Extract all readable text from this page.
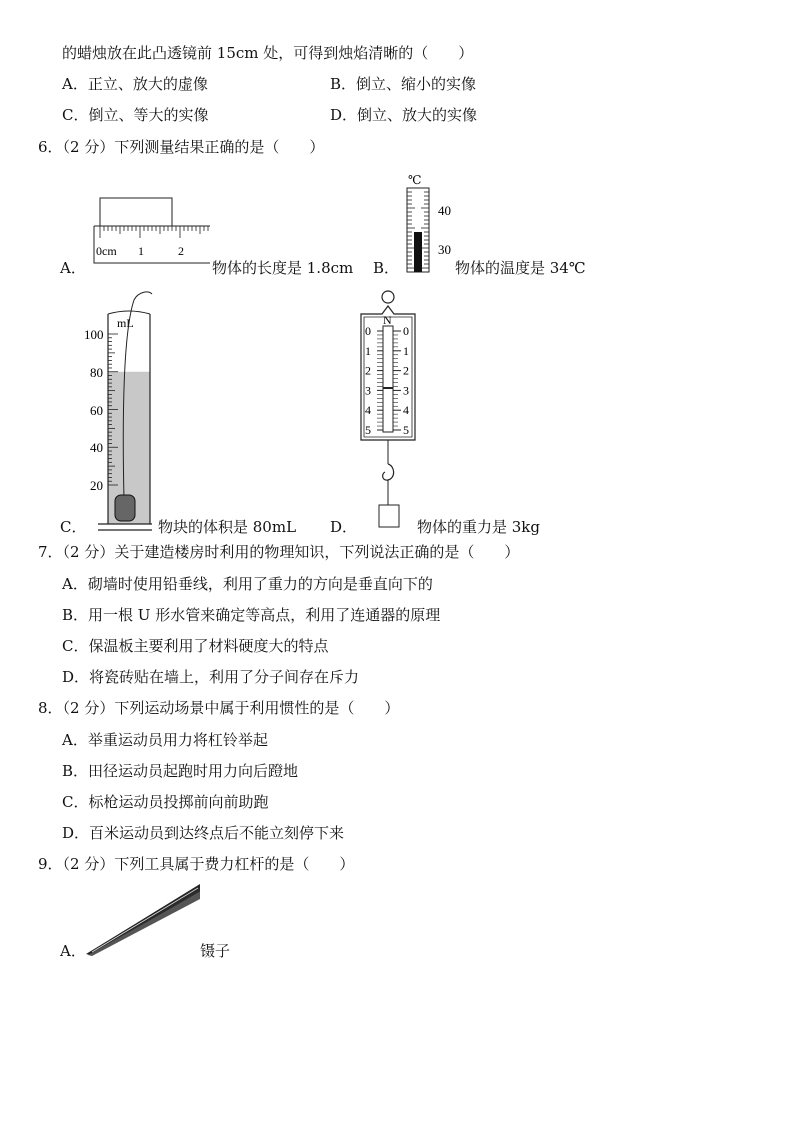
的蜡烛放在此凸透镜前 15cm 处，可得到烛焰清晰的（　　）
A．正立、放大的虚像	B．倒立、缩小的实像
C．倒立、等大的实像	D．倒立、放大的实像
6．（2 分）下列测量结果正确的是（　　）
A．
0cm 1	2
物体的长度是 1.8cm B．
℃
40
30
物体的温度是 34℃
100
80
60
40
20
mL
C．	物块的体积是 80mL
N
0
1
2
3
4
5
0
1
2
3
4
5
D．	物体的重力是 3kg
7．（2 分）关于建造楼房时利用的物理知识，下列说法正确的是（　　）
A．砌墙时使用铅垂线，利用了重力的方向是垂直向下的
B．用一根 U 形水管来确定等高点，利用了连通器的原理
C．保温板主要利用了材料硬度大的特点
D．将瓷砖贴在墙上，利用了分子间存在斥力
8．（2 分）下列运动场景中属于利用惯性的是（　　）
A．举重运动员用力将杠铃举起
B．田径运动员起跑时用力向后蹬地
C．标枪运动员投掷前向前助跑
D．百米运动员到达终点后不能立刻停下来
9．（2 分）下列工具属于费力杠杆的是（　　）
A．	镊子
